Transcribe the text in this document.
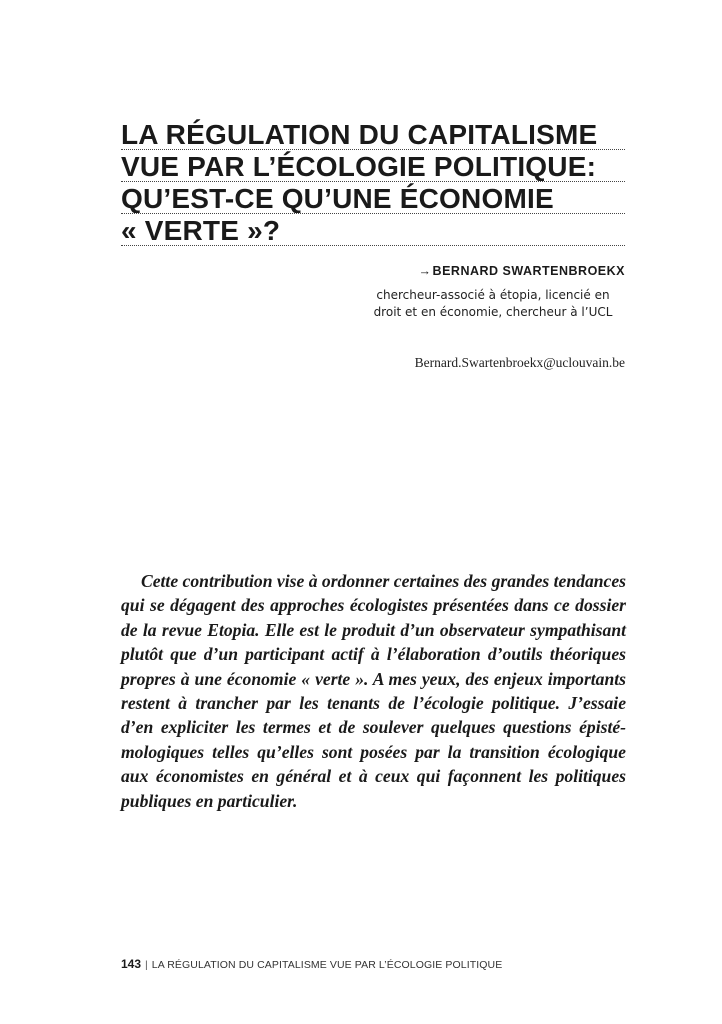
LA RÉGULATION DU CAPITALISME
VUE PAR L’ÉCOLOGIE POLITIQUE:
QU’EST-CE QU’UNE ÉCONOMIE
« VERTE »?
→BERNARD SWARTENBROEKX
chercheur-associé à étopia, licencié en
droit et en économie, chercheur à l’UCL
Bernard.Swartenbroekx@uclouvain.be

Cette contribution vise à ordonner certaines des grandes tendances qui se dégagent des approches écologistes présentées dans ce dossier de la revue Etopia. Elle est le produit d’un observateur sympathisant plutôt que d’un participant actif à l’élaboration d’outils théoriques propres à une économie « verte ». A mes yeux, des enjeux importants restent à trancher par les tenants de l’écologie politique. J’essaie d’en expliciter les termes et de soulever quelques questions épistémologiques telles qu’elles sont posées par la transition écologique aux économistes en général et à ceux qui façonnent les politiques publiques en particulier.

143 | LA RÉGULATION DU CAPITALISME VUE PAR L’ÉCOLOGIE POLITIQUE
